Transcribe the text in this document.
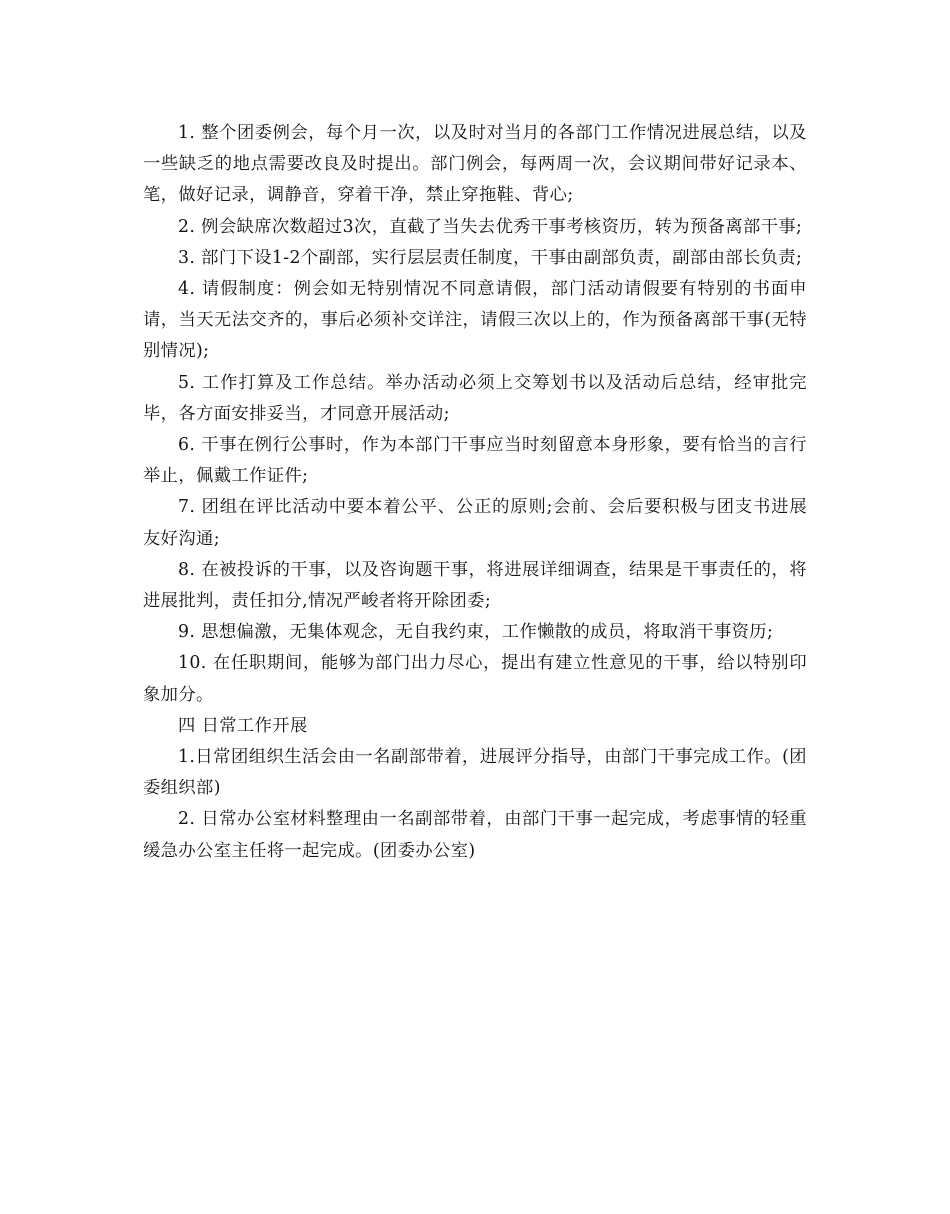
1. 整个团委例会，每个月一次，以及时对当月的各部门工作情况进展总结，以及一些缺乏的地点需要改良及时提出。部门例会，每两周一次，会议期间带好记录本、笔，做好记录，调静音，穿着干净，禁止穿拖鞋、背心;

2. 例会缺席次数超过3次，直截了当失去优秀干事考核资历，转为预备离部干事;

3. 部门下设1-2个副部，实行层层责任制度，干事由副部负责，副部由部长负责;

4. 请假制度：例会如无特别情况不同意请假，部门活动请假要有特别的书面申请，当天无法交齐的，事后必须补交详注，请假三次以上的，作为预备离部干事(无特别情况);

5. 工作打算及工作总结。举办活动必须上交筹划书以及活动后总结，经审批完毕，各方面安排妥当，才同意开展活动;

6. 干事在例行公事时，作为本部门干事应当时刻留意本身形象，要有恰当的言行举止，佩戴工作证件;

7. 团组在评比活动中要本着公平、公正的原则;会前、会后要积极与团支书进展友好沟通;

8. 在被投诉的干事，以及咨询题干事，将进展详细调查，结果是干事责任的，将进展批判，责任扣分,情况严峻者将开除团委;

9. 思想偏激，无集体观念，无自我约束，工作懒散的成员，将取消干事资历;

10. 在任职期间，能够为部门出力尽心，提出有建立性意见的干事，给以特别印象加分。

四 日常工作开展

1.日常团组织生活会由一名副部带着，进展评分指导，由部门干事完成工作。(团委组织部)

2. 日常办公室材料整理由一名副部带着，由部门干事一起完成，考虑事情的轻重缓急办公室主任将一起完成。(团委办公室)
